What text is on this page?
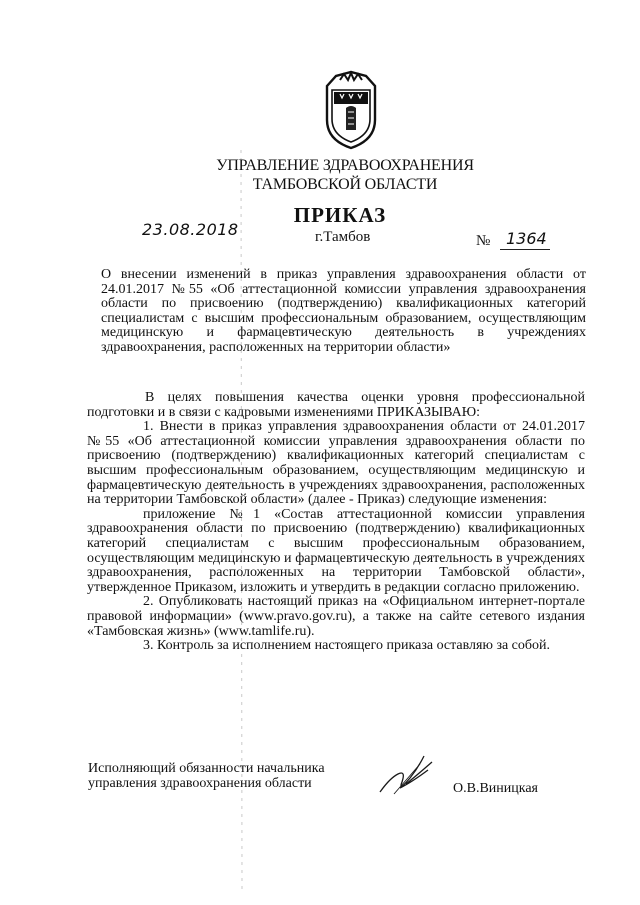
УПРАВЛЕНИЕ ЗДРАВООХРАНЕНИЯ
ТАМБОВСКОЙ ОБЛАСТИ
ПРИКАЗ
23.08.2018	г.Тамбов	№ 1364
О внесении изменений в приказ управления здравоохранения области от 24.01.2017 №55 «Об аттестационной комиссии управления здравоохранения области по присвоению (подтверждению) квалификационных категорий специалистам с высшим профессиональным образованием, осуществляющим медицинскую и фармацевтическую деятельность в учреждениях здравоохранения, расположенных на территории области»

В целях повышения качества оценки уровня профессиональной подготовки и в связи с кадровыми изменениями ПРИКАЗЫВАЮ:

1. Внести в приказ управления здравоохранения области от 24.01.2017 №55 «Об аттестационной комиссии управления здравоохранения области по присвоению (подтверждению) квалификационных категорий специалистам с высшим профессиональным образованием, осуществляющим медицинскую и фармацевтическую деятельность в учреждениях здравоохранения, расположенных на территории Тамбовской области» (далее - Приказ) следующие изменения:

приложение №1 «Состав аттестационной комиссии управления здравоохранения области по присвоению (подтверждению) квалификационных категорий специалистам с высшим профессиональным образованием, осуществляющим медицинскую и фармацевтическую деятельность в учреждениях здравоохранения, расположенных на территории Тамбовской области», утвержденное Приказом, изложить и утвердить в редакции согласно приложению.

2. Опубликовать настоящий приказ на «Официальном интернет-портале правовой информации» (www.pravo.gov.ru), а также на сайте сетевого издания «Тамбовская жизнь» (www.tamlife.ru).

3. Контроль за исполнением настоящего приказа оставляю за собой.

Исполняющий обязанности начальника
управления здравоохранения области	О.В.Виницкая
